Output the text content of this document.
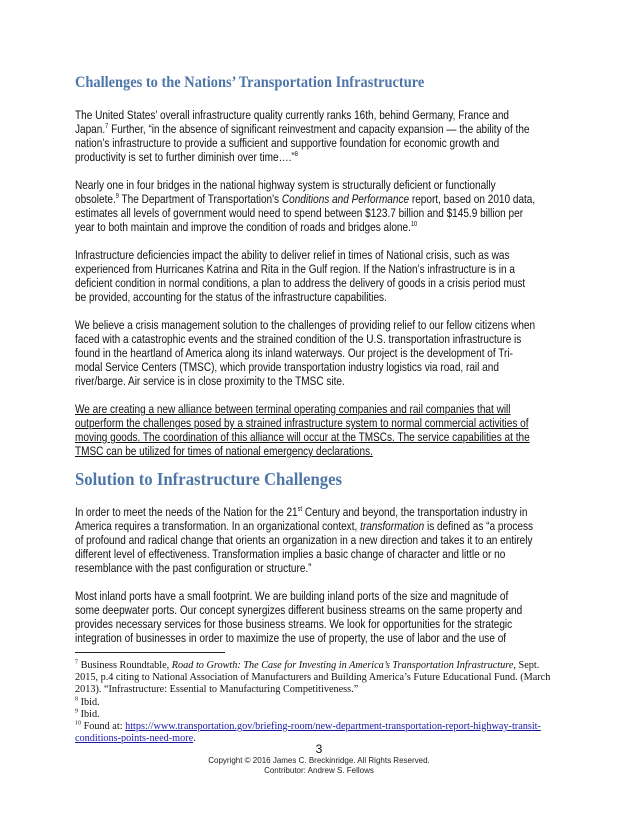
Challenges to the Nations’ Transportation Infrastructure
The United States’ overall infrastructure quality currently ranks 16th, behind Germany, France and
Japan.$^7$ Further, “in the absence of significant reinvestment and capacity expansion — the ability of the
nation’s infrastructure to provide a sufficient and supportive foundation for economic growth and
productivity is set to further diminish over time….”$^8$
Nearly one in four bridges in the national highway system is structurally deficient or functionally
obsolete.$^9$ The Department of Transportation's Conditions and Performance report, based on 2010 data,
estimates all levels of government would need to spend between $123.7 billion and $145.9 billion per
year to both maintain and improve the condition of roads and bridges alone.$^{10}$
Infrastructure deficiencies impact the ability to deliver relief in times of National crisis, such as was
experienced from Hurricanes Katrina and Rita in the Gulf region. If the Nation’s infrastructure is in a
deficient condition in normal conditions, a plan to address the delivery of goods in a crisis period must
be provided, accounting for the status of the infrastructure capabilities.
We believe a crisis management solution to the challenges of providing relief to our fellow citizens when
faced with a catastrophic events and the strained condition of the U.S. transportation infrastructure is
found in the heartland of America along its inland waterways. Our project is the development of Tri-
modal Service Centers (TMSC), which provide transportation industry logistics via road, rail and
river/barge. Air service is in close proximity to the TMSC site.
We are creating a new alliance between terminal operating companies and rail companies that will
outperform the challenges posed by a strained infrastructure system to normal commercial activities of
moving goods. The coordination of this alliance will occur at the TMSCs. The service capabilities at the
TMSC can be utilized for times of national emergency declarations.
Solution to Infrastructure Challenges
In order to meet the needs of the Nation for the 21st Century and beyond, the transportation industry in
America requires a transformation. In an organizational context, transformation is defined as “a process
of profound and radical change that orients an organization in a new direction and takes it to an entirely
different level of effectiveness. Transformation implies a basic change of character and little or no
resemblance with the past configuration or structure.”
Most inland ports have a small footprint. We are building inland ports of the size and magnitude of
some deepwater ports. Our concept synergizes different business streams on the same property and
provides necessary services for those business streams. We look for opportunities for the strategic
integration of businesses in order to maximize the use of property, the use of labor and the use of
$^7$ Business Roundtable, Road to Growth: The Case for Investing in America’s Transportation Infrastructure, Sept.
2015, p.4 citing to National Association of Manufacturers and Building America’s Future Educational Fund. (March
2013). “Infrastructure: Essential to Manufacturing Competitiveness.”
$^8$ Ibid.
$^9$ Ibid.
$^{10}$ Found at: https://www.transportation.gov/briefing-room/new-department-transportation-report-highway-transit-
conditions-points-need-more.
3
Copyright © 2016 James C. Breckinridge. All Rights Reserved.
Contributor: Andrew S. Fellows
